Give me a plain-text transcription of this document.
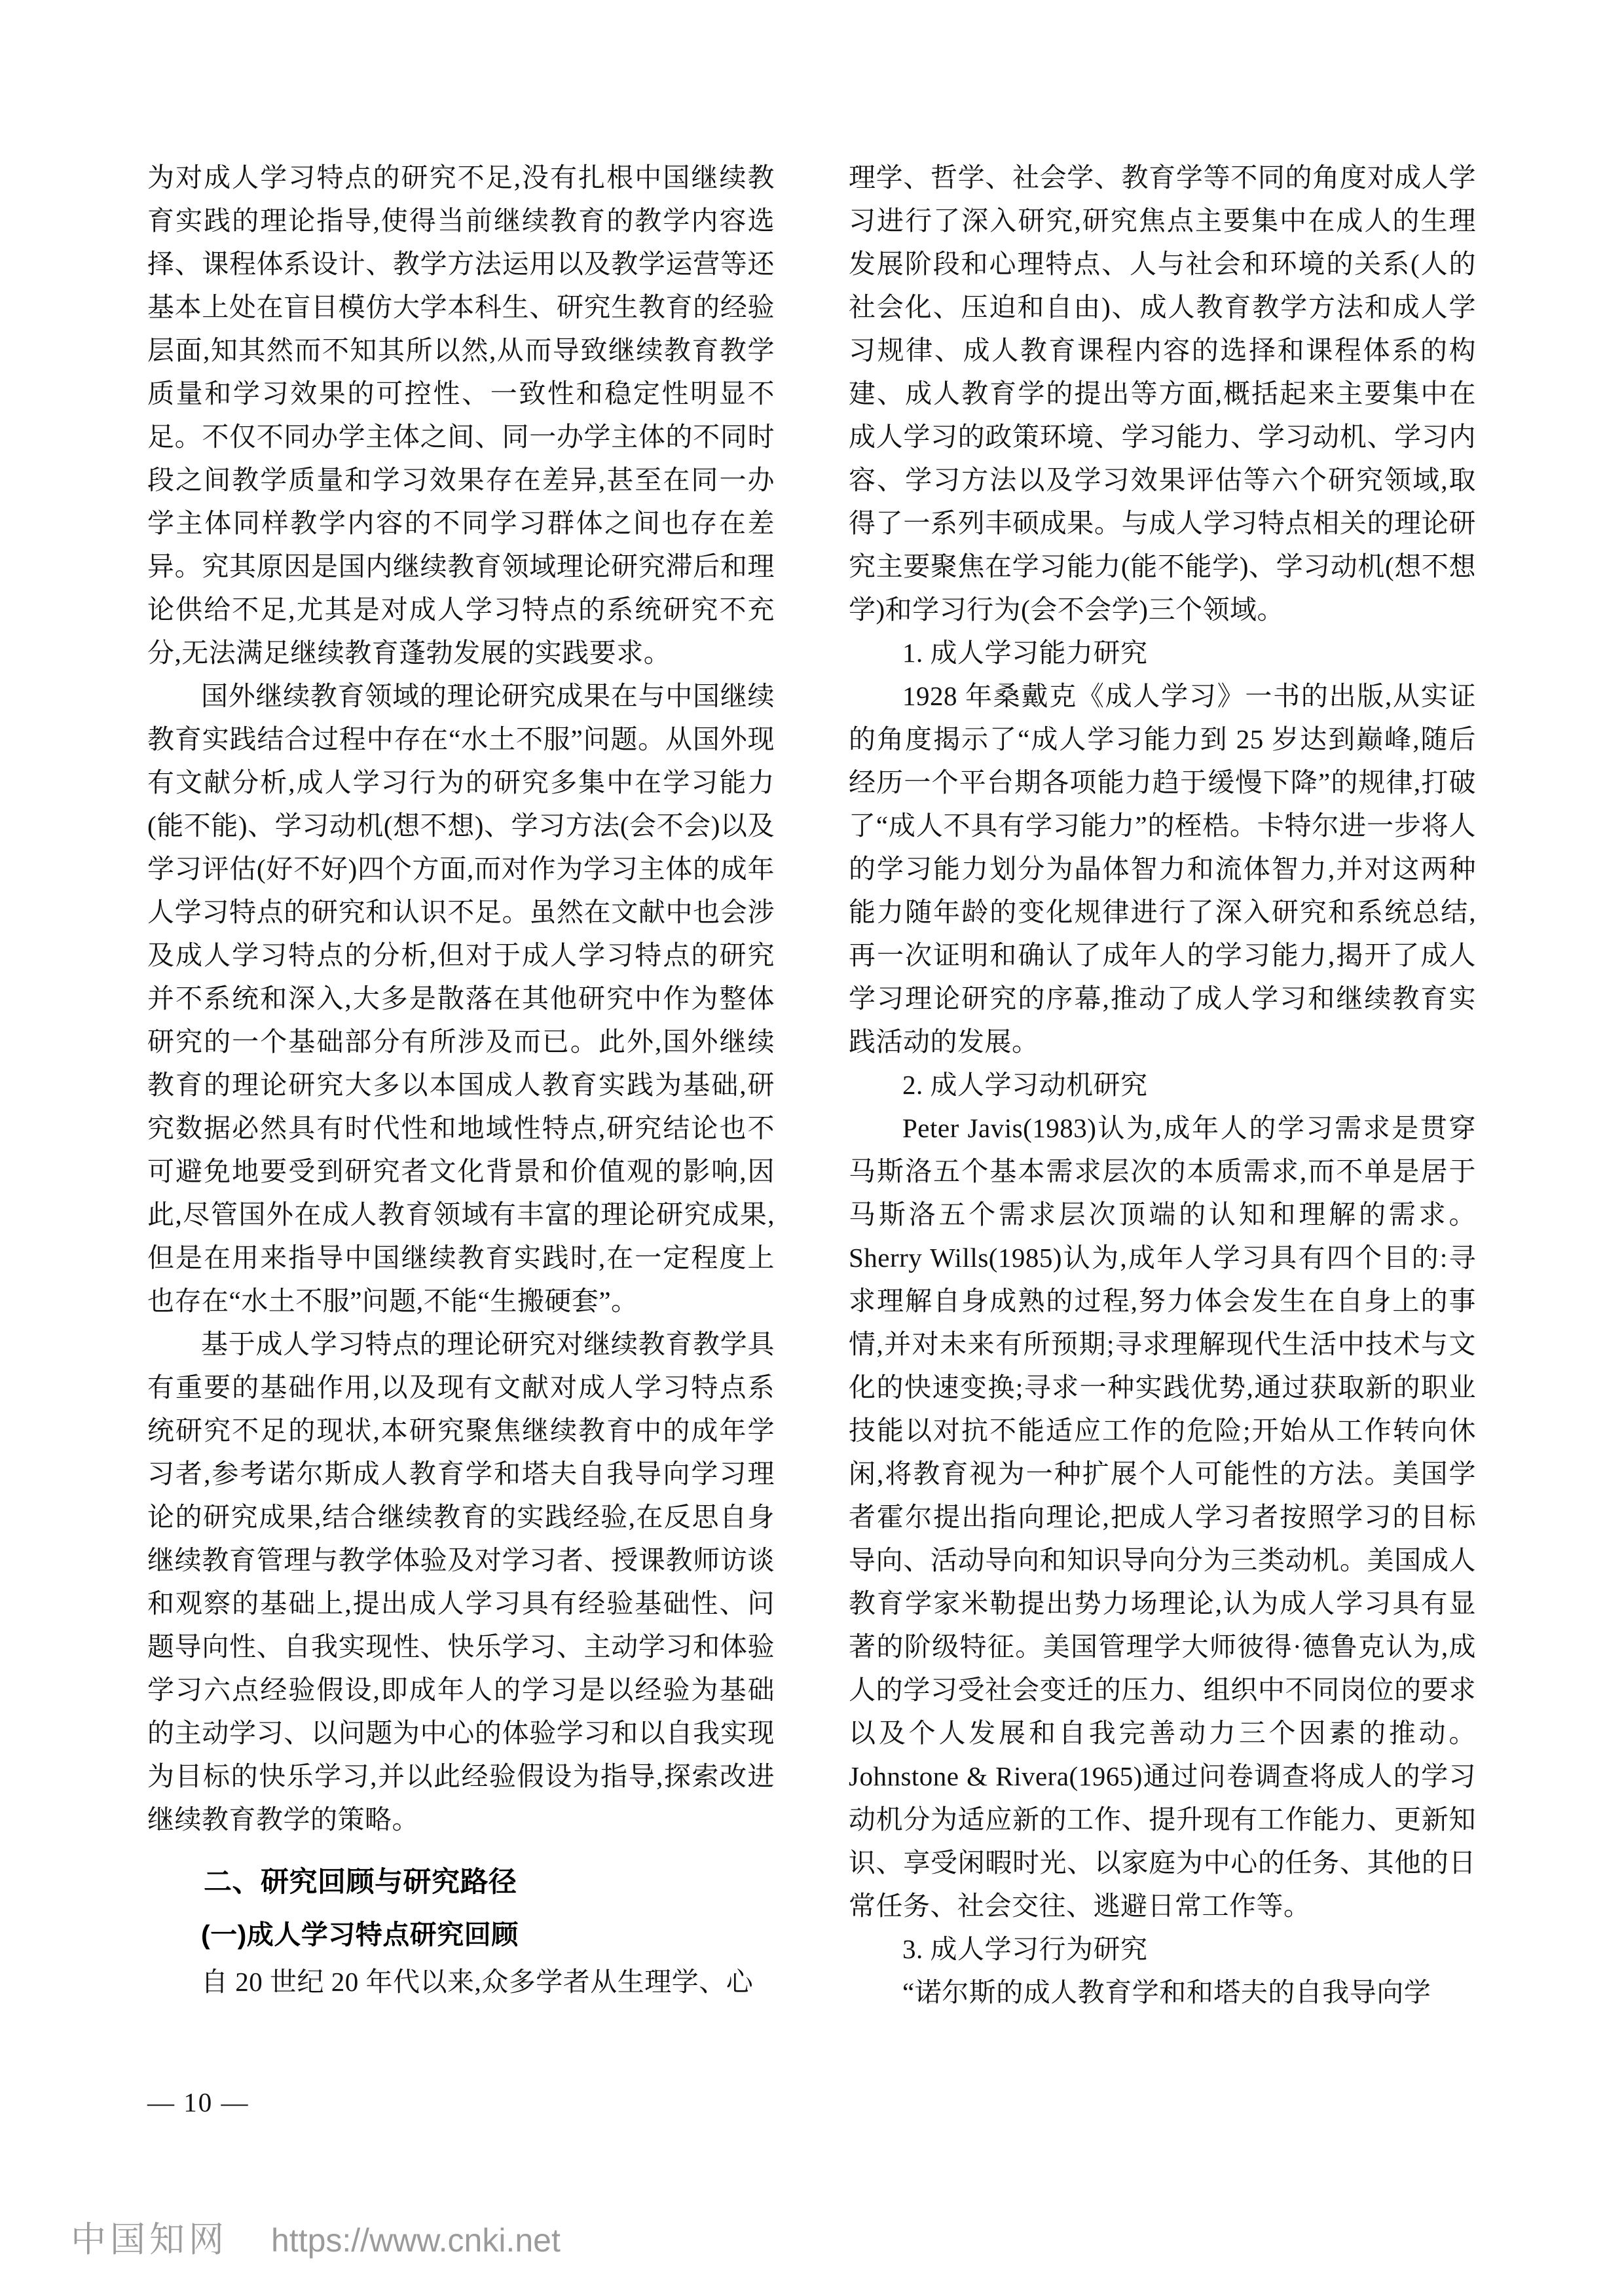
为对成人学习特点的研究不足,没有扎根中国继续教育实践的理论指导,使得当前继续教育的教学内容选择、课程体系设计、教学方法运用以及教学运营等还基本上处在盲目模仿大学本科生、研究生教育的经验层面,知其然而不知其所以然,从而导致继续教育教学质量和学习效果的可控性、一致性和稳定性明显不足。不仅不同办学主体之间、同一办学主体的不同时段之间教学质量和学习效果存在差异,甚至在同一办学主体同样教学内容的不同学习群体之间也存在差异。究其原因是国内继续教育领域理论研究滞后和理论供给不足,尤其是对成人学习特点的系统研究不充分,无法满足继续教育蓬勃发展的实践要求。

国外继续教育领域的理论研究成果在与中国继续教育实践结合过程中存在“水土不服”问题。从国外现有文献分析,成人学习行为的研究多集中在学习能力(能不能)、学习动机(想不想)、学习方法(会不会)以及学习评估(好不好)四个方面,而对作为学习主体的成年人学习特点的研究和认识不足。虽然在文献中也会涉及成人学习特点的分析,但对于成人学习特点的研究并不系统和深入,大多是散落在其他研究中作为整体研究的一个基础部分有所涉及而已。此外,国外继续教育的理论研究大多以本国成人教育实践为基础,研究数据必然具有时代性和地域性特点,研究结论也不可避免地要受到研究者文化背景和价值观的影响,因此,尽管国外在成人教育领域有丰富的理论研究成果,但是在用来指导中国继续教育实践时,在一定程度上也存在“水土不服”问题,不能“生搬硬套”。

基于成人学习特点的理论研究对继续教育教学具有重要的基础作用,以及现有文献对成人学习特点系统研究不足的现状,本研究聚焦继续教育中的成年学习者,参考诺尔斯成人教育学和塔夫自我导向学习理论的研究成果,结合继续教育的实践经验,在反思自身继续教育管理与教学体验及对学习者、授课教师访谈和观察的基础上,提出成人学习具有经验基础性、问题导向性、自我实现性、快乐学习、主动学习和体验学习六点经验假设,即成年人的学习是以经验为基础的主动学习、以问题为中心的体验学习和以自我实现为目标的快乐学习,并以此经验假设为指导,探索改进继续教育教学的策略。

二、研究回顾与研究路径
(一)成人学习特点研究回顾

自 20 世纪 20 年代以来,众多学者从生理学、心

理学、哲学、社会学、教育学等不同的角度对成人学习进行了深入研究,研究焦点主要集中在成人的生理发展阶段和心理特点、人与社会和环境的关系(人的社会化、压迫和自由)、成人教育教学方法和成人学习规律、成人教育课程内容的选择和课程体系的构建、成人教育学的提出等方面,概括起来主要集中在成人学习的政策环境、学习能力、学习动机、学习内容、学习方法以及学习效果评估等六个研究领域,取得了一系列丰硕成果。与成人学习特点相关的理论研究主要聚焦在学习能力(能不能学)、学习动机(想不想学)和学习行为(会不会学)三个领域。

1. 成人学习能力研究

1928 年桑戴克《成人学习》一书的出版,从实证的角度揭示了“成人学习能力到 25 岁达到巅峰,随后经历一个平台期各项能力趋于缓慢下降”的规律,打破了“成人不具有学习能力”的桎梏。卡特尔进一步将人的学习能力划分为晶体智力和流体智力,并对这两种能力随年龄的变化规律进行了深入研究和系统总结,再一次证明和确认了成年人的学习能力,揭开了成人学习理论研究的序幕,推动了成人学习和继续教育实践活动的发展。

2. 成人学习动机研究

Peter Javis(1983)认为,成年人的学习需求是贯穿马斯洛五个基本需求层次的本质需求,而不单是居于马斯洛五个需求层次顶端的认知和理解的需求。Sherry Wills(1985)认为,成年人学习具有四个目的:寻求理解自身成熟的过程,努力体会发生在自身上的事情,并对未来有所预期;寻求理解现代生活中技术与文化的快速变换;寻求一种实践优势,通过获取新的职业技能以对抗不能适应工作的危险;开始从工作转向休闲,将教育视为一种扩展个人可能性的方法。美国学者霍尔提出指向理论,把成人学习者按照学习的目标导向、活动导向和知识导向分为三类动机。美国成人教育学家米勒提出势力场理论,认为成人学习具有显著的阶级特征。美国管理学大师彼得·德鲁克认为,成人的学习受社会变迁的压力、组织中不同岗位的要求以及个人发展和自我完善动力三个因素的推动。Johnstone & Rivera(1965)通过问卷调查将成人的学习动机分为适应新的工作、提升现有工作能力、更新知识、享受闲暇时光、以家庭为中心的任务、其他的日常任务、社会交往、逃避日常工作等。

3. 成人学习行为研究

“诺尔斯的成人教育学和和塔夫的自我导向学

— 10 —
中国知网 https://www.cnki.net
